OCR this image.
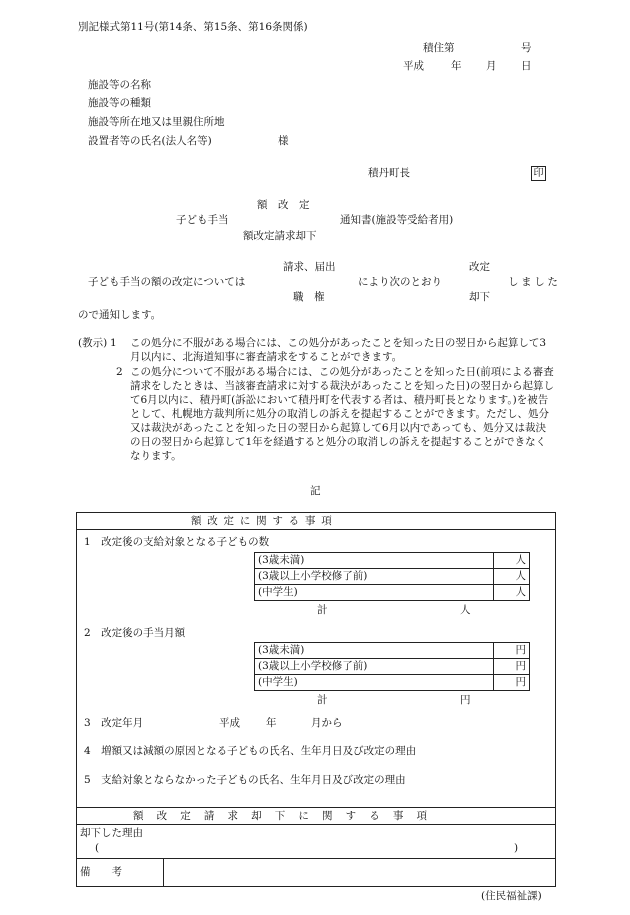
別記様式第11号(第14条、第15条、第16条関係)
積住第	号
平成	年 月 日
施設等の名称
施設等の種類
施設等所在地又は里親住所地
設置者等の氏名(法人名等)	様
積丹町長	印
額　改　定
子ども手当	通知書(施設等受給者用)
額改定請求却下
請求、届出	改定
子ども手当の額の改定については	により次のとおり	しました
職　権	却下
ので通知します。
(教示) 1 この処分に不服がある場合には、この処分があったことを知った日の翌日から起算して3月以内に、北海道知事に審査請求をすることができます。
2 この処分について不服がある場合には、この処分があったことを知った日(前項による審査請求をしたときは、当該審査請求に対する裁決があったことを知った日)の翌日から起算して6月以内に、積丹町(訴訟において積丹町を代表する者は、積丹町長となります。)を被告として、札幌地方裁判所に処分の取消しの訴えを提起することができます。ただし、処分又は裁決があったことを知った日の翌日から起算して6月以内であっても、処分又は裁決の日の翌日から起算して1年を経過すると処分の取消しの訴えを提起することができなくなります。
記
額改定に関する事項
1　改定後の支給対象となる子どもの数
(3歳未満)	人
(3歳以上小学校修了前)	人
(中学生)	人
計	人
2　改定後の手当月額
(3歳未満)	円
(3歳以上小学校修了前)	円
(中学生)	円
計	円
3　改定年月	平成 年	月から
4　増額又は減額の原因となる子どもの氏名、生年月日及び改定の理由
5　支給対象とならなかった子どもの氏名、生年月日及び改定の理由
額改定請求却下に関する事項
却下した理由
(	)
備　　考
(住民福祉課)
